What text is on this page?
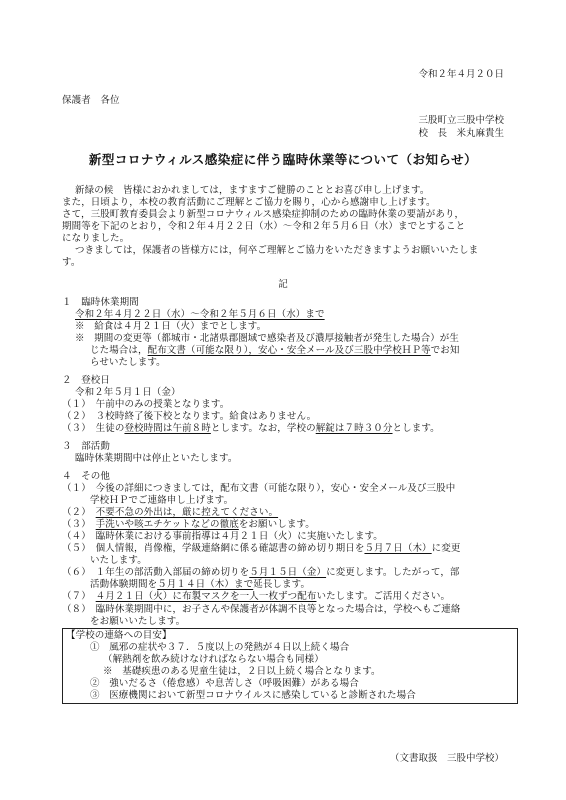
令和２年４月２０日
保護者　各位
三股町立三股中学校
校　長　米丸麻貴生
新型コロナウィルス感染症に伴う臨時休業等について（お知らせ）
新緑の候　皆様におかれましては，ますますご健勝のこととお喜び申し上げます。
また，日頃より，本校の教育活動にご理解とご協力を賜り，心から感謝申し上げます。
さて，三股町教育委員会より新型コロナウィルス感染症抑制のための臨時休業の要請があり，
期間等を下記のとおり，令和２年４月２２日（水）～令和２年５月６日（水）までとすること
になりました。
つきましては，保護者の皆様方には，何卒ご理解とご協力をいただきますようお願いいたしま
す。
記
１　臨時休業期間
令和２年４月２２日（水）～令和２年５月６日（水）まで
※　給食は４月２１日（火）までとします。
※　期間の変更等（都城市・北諸県郡圏域で感染者及び濃厚接触者が発生した場合）が生
じた場合は，配布文書（可能な限り），安心・安全メール及び三股中学校ＨＰ等でお知
らせいたします。
２　登校日
令和２年５月１日（金）
（１）　午前中のみの授業となります。
（２）　３校時終了後下校となります。給食はありません。
（３）　生徒の登校時間は午前８時とします。なお，学校の解錠は７時３０分とします。
３　部活動
臨時休業期間中は停止といたします。
４　その他
（１）　今後の詳細につきましては，配布文書（可能な限り），安心・安全メール及び三股中
学校ＨＰでご連絡申し上げます。
（２）　 不要不急の外出は，厳に控えてください。
（３）　 手洗いや咳エチケットなどの徹底をお願いします。
（４）　臨時休業における事前指導は４月２１日（火）に実施いたします。
（５）　個人情報，肖像権，学級連絡網に係る確認書の締め切り期日を５月７日（木）に変更
いたします。
（６）　１年生の部活動入部届の締め切りを５月１５日（金）に変更します。したがって，部
活動体験期間を５月１４日（木）まで延長します。
（７）　 ４月２１日（火）に布製マスクを一人一枚ずつ配布いたします。ご活用ください。
（８）　臨時休業期間中に，お子さんや保護者が体調不良等となった場合は，学校へもご連絡
をお願いいたします。
【学校の連絡への目安】
①　風邪の症状や３７．５度以上の発熱が４日以上続く場合
（解熱剤を飲み続けなければならない場合も同様）
※　基礎疾患のある児童生徒は，２日以上続く場合となります。
②　強いだるさ（倦怠感）や息苦しさ（呼吸困難）がある場合
③　医療機関において新型コロナウイルスに感染していると診断された場合
（文書取扱　三股中学校）
